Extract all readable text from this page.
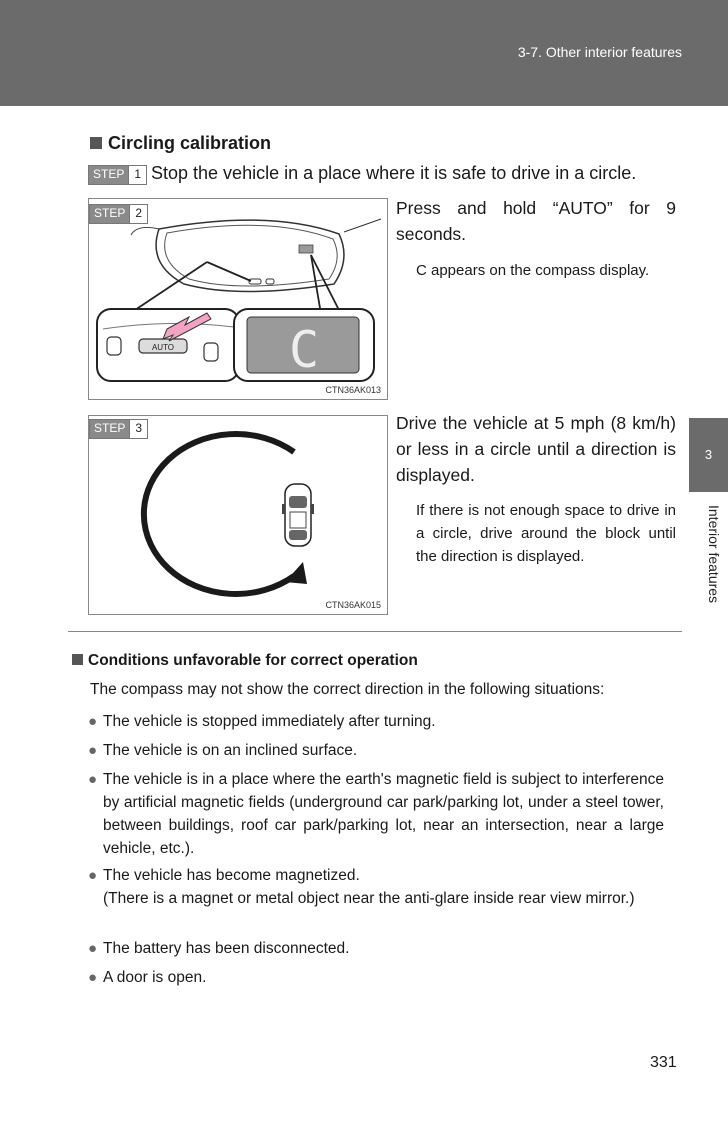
3-7. Other interior features
3
Interior features
Circling calibration
STEP 1 Stop the vehicle in a place where it is safe to drive in a circle.
STEP 2
AUTO C
CTN36AK013
Press and hold “AUTO” for 9 seconds.
C appears on the compass display.
STEP 3
CTN36AK015
Drive the vehicle at 5 mph (8 km/h) or less in a circle until a direction is displayed.
If there is not enough space to drive in a circle, drive around the block until the direction is displayed.
Conditions unfavorable for correct operation
The compass may not show the correct direction in the following situations:
● The vehicle is stopped immediately after turning.
● The vehicle is on an inclined surface.
● The vehicle is in a place where the earth's magnetic field is subject to interference by artificial magnetic fields (underground car park/parking lot, under a steel tower, between buildings, roof car park/parking lot, near an intersection, near a large vehicle, etc.).
● The vehicle has become magnetized.
(There is a magnet or metal object near the anti-glare inside rear view mirror.)
● The battery has been disconnected.
● A door is open.
331
